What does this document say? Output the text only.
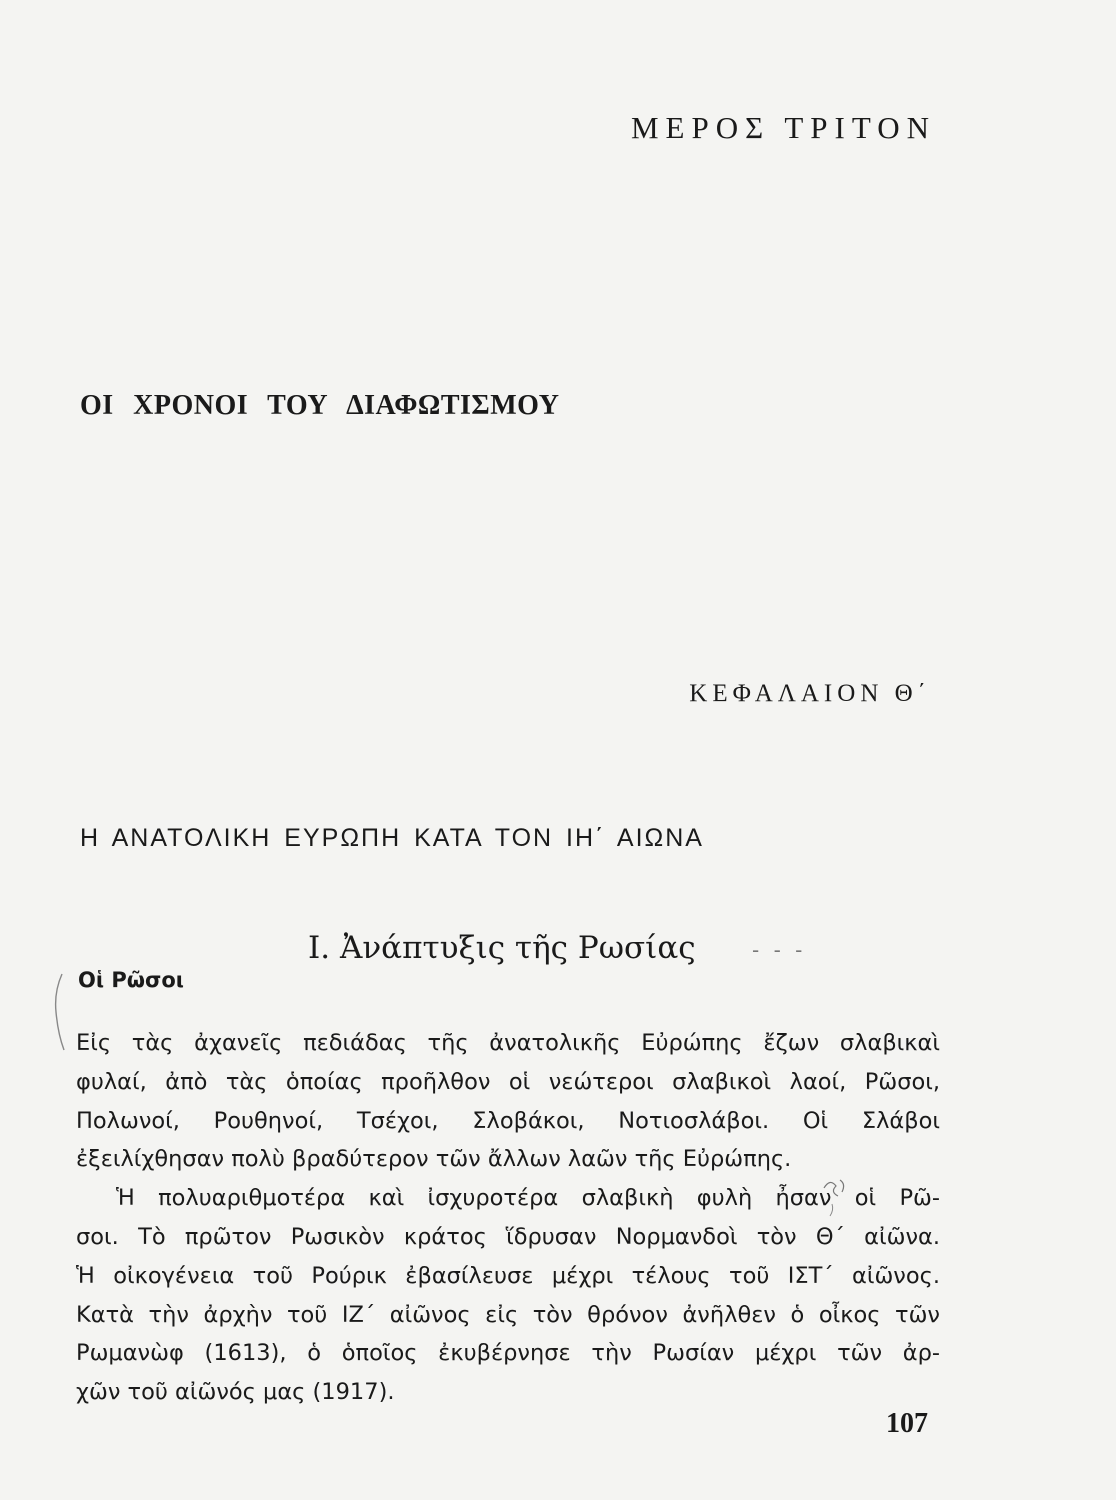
ΜΕΡΟΣ ΤΡΙΤΟΝ
ΟΙ ΧΡΟΝΟΙ ΤΟΥ ΔΙΑΦΩΤΙΣΜΟΥ
ΚΕΦΑΛΑΙΟΝ Θ΄
Η ΑΝΑΤΟΛΙΚΗ ΕΥΡΩΠΗ ΚΑΤΑ ΤΟΝ ΙΗ΄ ΑΙΩΝΑ
Ι. Ἀνάπτυξις τῆς Ρωσίας	‐ ‐ ‐
Οἱ Ρῶσοι
Εἰς τὰς ἀχανεῖς πεδιάδας τῆς ἀνατολικῆς Εὐρώπης ἔζων σλαβικαὶ
φυλαί, ἀπὸ τὰς ὁποίας προῆλθον οἱ νεώτεροι σλαβικοὶ λαοί, Ρῶσοι,
Πολωνοί, Ρουθηνοί, Τσέχοι, Σλοβάκοι, Νοτιοσλάβοι. Οἱ Σλάβοι
ἐξειλίχθησαν πολὺ βραδύτερον τῶν ἄλλων λαῶν τῆς Εὐρώπης.
Ἡ πολυαριθμοτέρα καὶ ἰσχυροτέρα σλαβικὴ φυλὴ ἦσαν οἱ Ρῶ-
σοι. Τὸ πρῶτον Ρωσικὸν κράτος ἵδρυσαν Νορμανδοὶ τὸν Θ΄ αἰῶνα.
Ἡ οἰκογένεια τοῦ Ρούρικ ἐβασίλευσε μέχρι τέλους τοῦ ΙΣΤ΄ αἰῶνος.
Κατὰ τὴν ἀρχὴν τοῦ ΙΖ΄ αἰῶνος εἰς τὸν θρόνον ἀνῆλθεν ὁ οἶκος τῶν
Ρωμανὼφ (1613), ὁ ὁποῖος ἐκυβέρνησε τὴν Ρωσίαν μέχρι τῶν ἀρ-
χῶν τοῦ αἰῶνός μας (1917).
107
